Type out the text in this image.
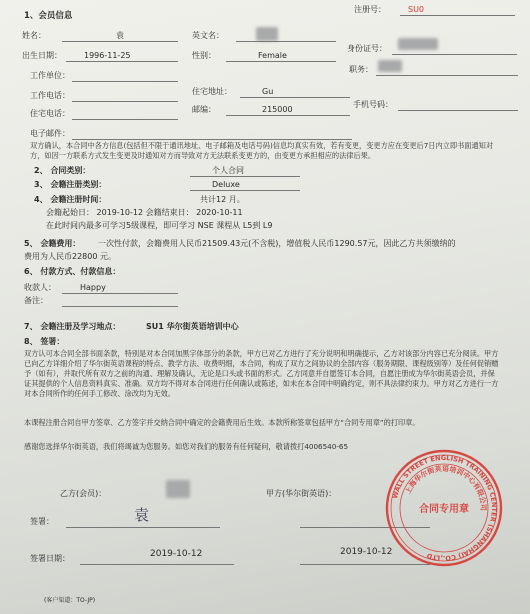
1、会员信息
注册号：	SU0
姓名：	袁	英文名：
出生日期：	1996-11-25	性别：	Female
身份证号：
工作单位：
职务：
工作电话：	住宅地址：	Gu
住宅电话：	邮编：	215000
手机号码：
电子邮件：
双方确认，本合同中各方信息(包括但不限于通讯地址、电子邮箱及电话号码)信息均真实有效，若有变更，变更方应在变更后7日内立即书面通知对方，如因一方联系方式发生变更及时通知对方而导致对方无法联系变更方的，由变更方承担相应的法律后果。
2、 合同类别：	个人合同
3、 会籍注册类别：	Deluxe
4、 会籍注册时间：	共计12 月。
会籍起始日： 2019-10-12 会籍结束日： 2020-10-11
在此时间内最多可学习5级课程，即可学习 NSE 课程从 L5到 L9
5、 会籍费用： 一次性付款，会籍费用人民币21509.43元(不含税)，增值税人民币1290.57元，因此乙方共须缴纳的
费用为人民币22800 元。
6、 付款方式、付款信息：
收款人：	Happy
备注：
7、 会籍注册及学习地点：	SU1 华尔街英语培训中心
8、 签署：
双方认可本合同全部书面条款，特别是对本合同加黑字体部分的条款，甲方已对乙方进行了充分说明和明确提示，乙方对该部分内容已充分阅读。甲方已向乙方详细介绍了华尔街英语课程的特点、教学方法、收费明细，本合同，构成了双方之间协议的全部内容（服务期限、课程级别等）及任何促销赠予（如有），并取代所有双方之前的沟通、理解及确认，无论是口头或书面的形式。乙方同意并自愿签订本合同，自愿注册成为华尔街英语会员，并保证其提供的个人信息资料真实、准确。双方均不得对本合同进行任何确认或陈述，如未在本合同中明确约定，则不具法律约束力。甲方对乙方进行一方对本合同所作的任何手工修改、涂改均为无效。
本课程注册合同自甲方签章、乙方签字并交纳合同中确定的会籍费用后生效。本款所称签章包括甲方“合同专用章”的打印章。
感谢您选择华尔街英语，我们将竭诚为您服务。如您对我们的服务有任何疑问，敬请拨打4006540-65
乙方(会员)：	甲方(华尔街英语)：
签署：	袁
签署日期：	2019-10-12	2019-10-12
(客户渠道：TO-JP)
WALL STREET ENGLISH TRAINING CENTER (SHANGHAI) CO.,LTD
上海华尔街英语培训中心有限公司
合同专用章
